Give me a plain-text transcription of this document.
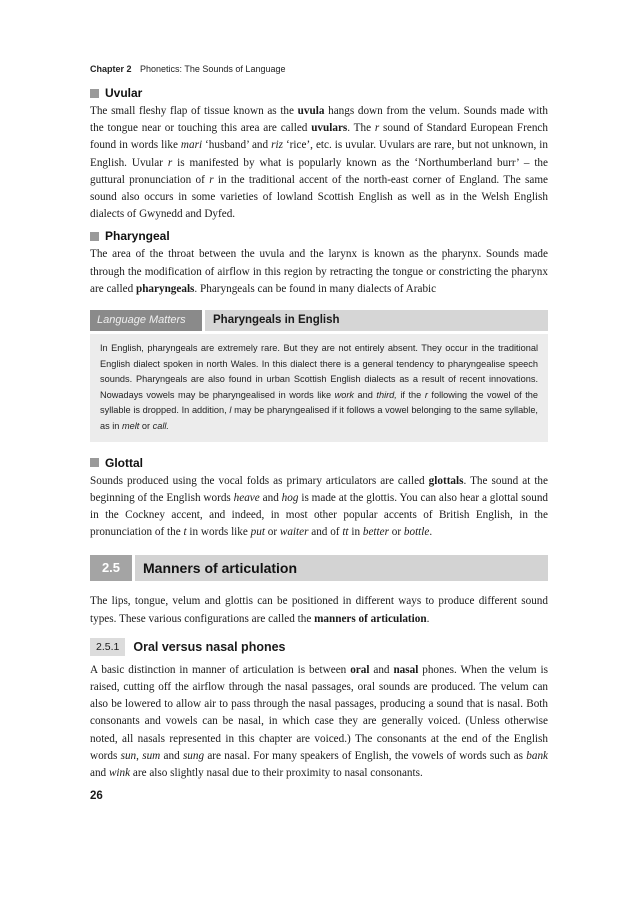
Chapter 2 Phonetics: The Sounds of Language
Uvular

The small fleshy flap of tissue known as the uvula hangs down from the velum. Sounds made with the tongue near or touching this area are called uvulars. The r sound of Standard European French found in words like mari ‘husband’ and riz ‘rice’, etc. is uvular. Uvulars are rare, but not unknown, in English. Uvular r is manifested by what is popularly known as the ‘Northumberland burr’ – the guttural pronunciation of r in the traditional accent of the north-east corner of England. The same sound also occurs in some varieties of lowland Scottish English as well as in the Welsh English dialects of Gwynedd and Dyfed.

Pharyngeal

The area of the throat between the uvula and the larynx is known as the pharynx. Sounds made through the modification of airflow in this region by retracting the tongue or constricting the pharynx are called pharyngeals. Pharyngeals can be found in many dialects of Arabic

Language Matters	Pharyngeals in English
In English, pharyngeals are extremely rare. But they are not entirely absent. They occur in the traditional English dialect spoken in north Wales. In this dialect there is a general tendency to pharyngealise speech sounds. Pharyngeals are also found in urban Scottish English dialects as a result of recent innovations. Nowadays vowels may be pharyngealised in words like work and third, if the r following the vowel of the syllable is dropped. In addition, l may be pharyngealised if it follows a vowel belonging to the same syllable, as in melt or call.
Glottal

Sounds produced using the vocal folds as primary articulators are called glottals. The sound at the beginning of the English words heave and hog is made at the glottis. You can also hear a glottal sound in the Cockney accent, and indeed, in most other popular accents of British English, in the pronunciation of the t in words like put or waiter and of tt in better or bottle.

2.5	Manners of articulation

The lips, tongue, velum and glottis can be positioned in different ways to produce different sound types. These various configurations are called the manners of articulation.

2.5.1	Oral versus nasal phones

A basic distinction in manner of articulation is between oral and nasal phones. When the velum is raised, cutting off the airflow through the nasal passages, oral sounds are produced. The velum can also be lowered to allow air to pass through the nasal passages, producing a sound that is nasal. Both consonants and vowels can be nasal, in which case they are generally voiced. (Unless otherwise noted, all nasals represented in this chapter are voiced.) The consonants at the end of the English words sun, sum and sung are nasal. For many speakers of English, the vowels of words such as bank and wink are also slightly nasal due to their proximity to nasal consonants.

26
